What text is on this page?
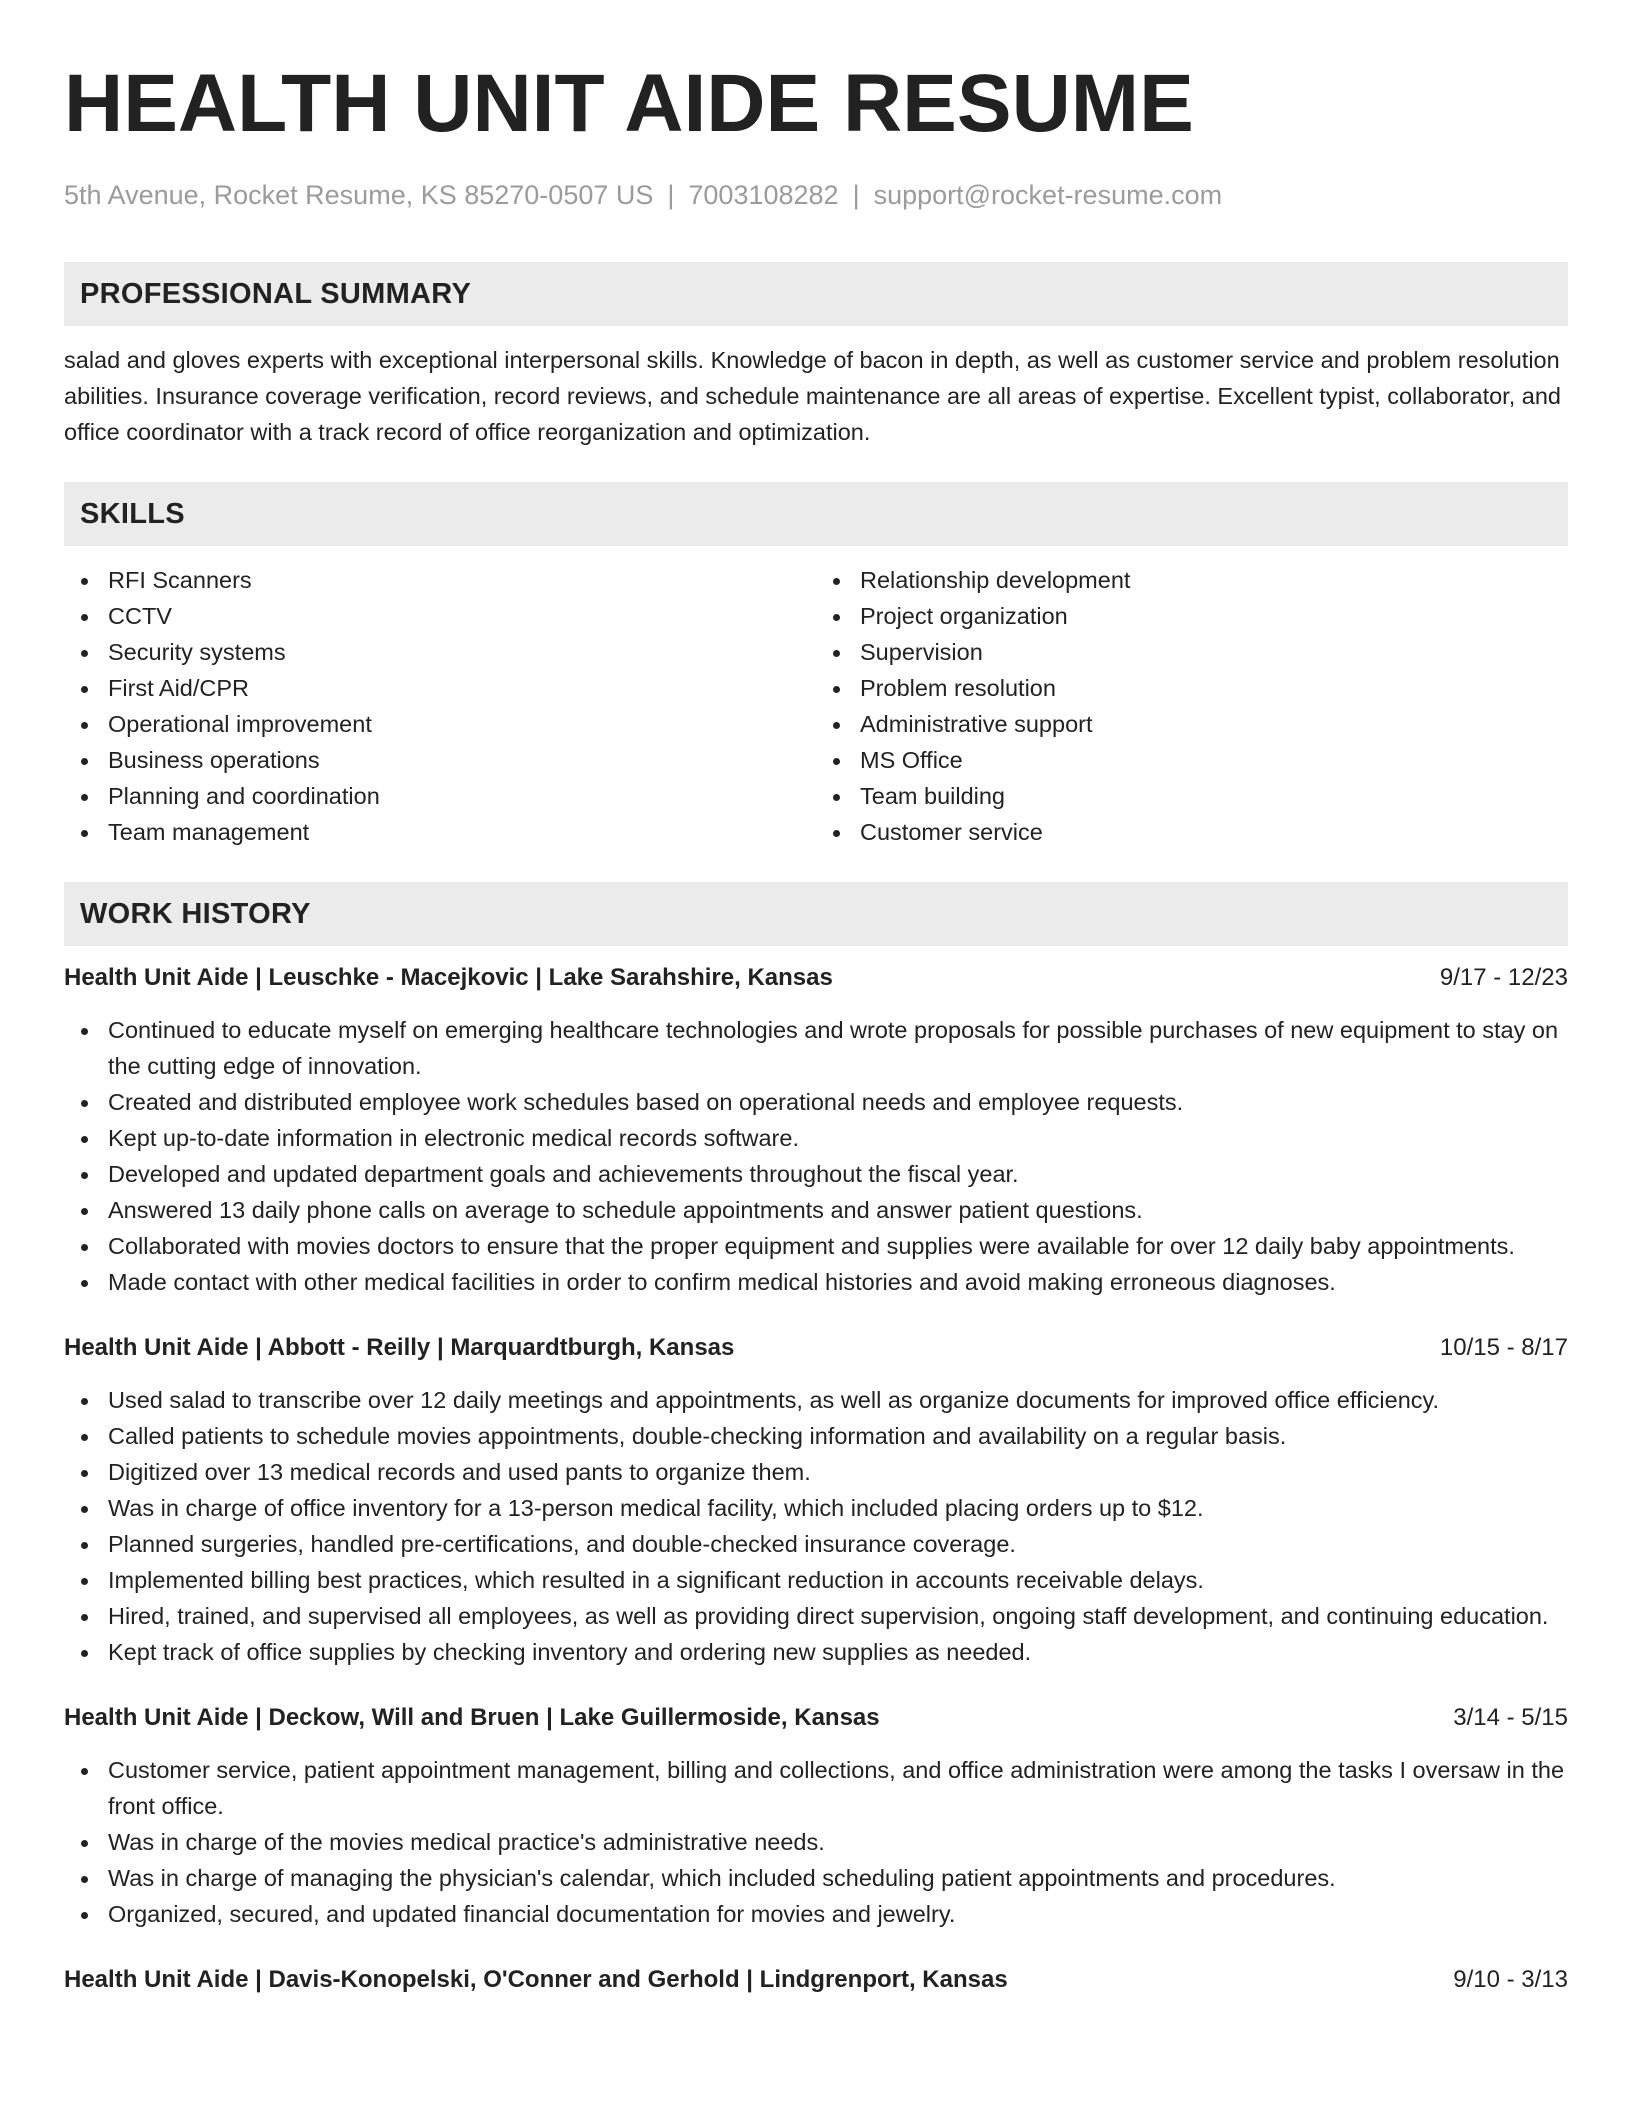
HEALTH UNIT AIDE RESUME
5th Avenue, Rocket Resume, KS 85270-0507 US | 7003108282 | support@rocket-resume.com
PROFESSIONAL SUMMARY

salad and gloves experts with exceptional interpersonal skills. Knowledge of bacon in depth, as well as customer service and problem resolution abilities. Insurance coverage verification, record reviews, and schedule maintenance are all areas of expertise. Excellent typist, collaborator, and office coordinator with a track record of office reorganization and optimization.

SKILLS
RFI Scanners
CCTV
Security systems
First Aid/CPR
Operational improvement
Business operations
Planning and coordination
Team management
Relationship development
Project organization
Supervision
Problem resolution
Administrative support
MS Office
Team building
Customer service
WORK HISTORY
Health Unit Aide | Leuschke - Macejkovic | Lake Sarahshire, Kansas	9/17 - 12/23
Continued to educate myself on emerging healthcare technologies and wrote proposals for possible purchases of new equipment to stay on the cutting edge of innovation.
Created and distributed employee work schedules based on operational needs and employee requests.
Kept up-to-date information in electronic medical records software.
Developed and updated department goals and achievements throughout the fiscal year.
Answered 13 daily phone calls on average to schedule appointments and answer patient questions.
Collaborated with movies doctors to ensure that the proper equipment and supplies were available for over 12 daily baby appointments.
Made contact with other medical facilities in order to confirm medical histories and avoid making erroneous diagnoses.
Health Unit Aide | Abbott - Reilly | Marquardtburgh, Kansas	10/15 - 8/17
Used salad to transcribe over 12 daily meetings and appointments, as well as organize documents for improved office efficiency.
Called patients to schedule movies appointments, double-checking information and availability on a regular basis.
Digitized over 13 medical records and used pants to organize them.
Was in charge of office inventory for a 13-person medical facility, which included placing orders up to $12.
Planned surgeries, handled pre-certifications, and double-checked insurance coverage.
Implemented billing best practices, which resulted in a significant reduction in accounts receivable delays.
Hired, trained, and supervised all employees, as well as providing direct supervision, ongoing staff development, and continuing education.
Kept track of office supplies by checking inventory and ordering new supplies as needed.
Health Unit Aide | Deckow, Will and Bruen | Lake Guillermoside, Kansas	3/14 - 5/15
Customer service, patient appointment management, billing and collections, and office administration were among the tasks I oversaw in the front office.
Was in charge of the movies medical practice's administrative needs.
Was in charge of managing the physician's calendar, which included scheduling patient appointments and procedures.
Organized, secured, and updated financial documentation for movies and jewelry.
Health Unit Aide | Davis-Konopelski, O'Conner and Gerhold | Lindgrenport, Kansas	9/10 - 3/13
